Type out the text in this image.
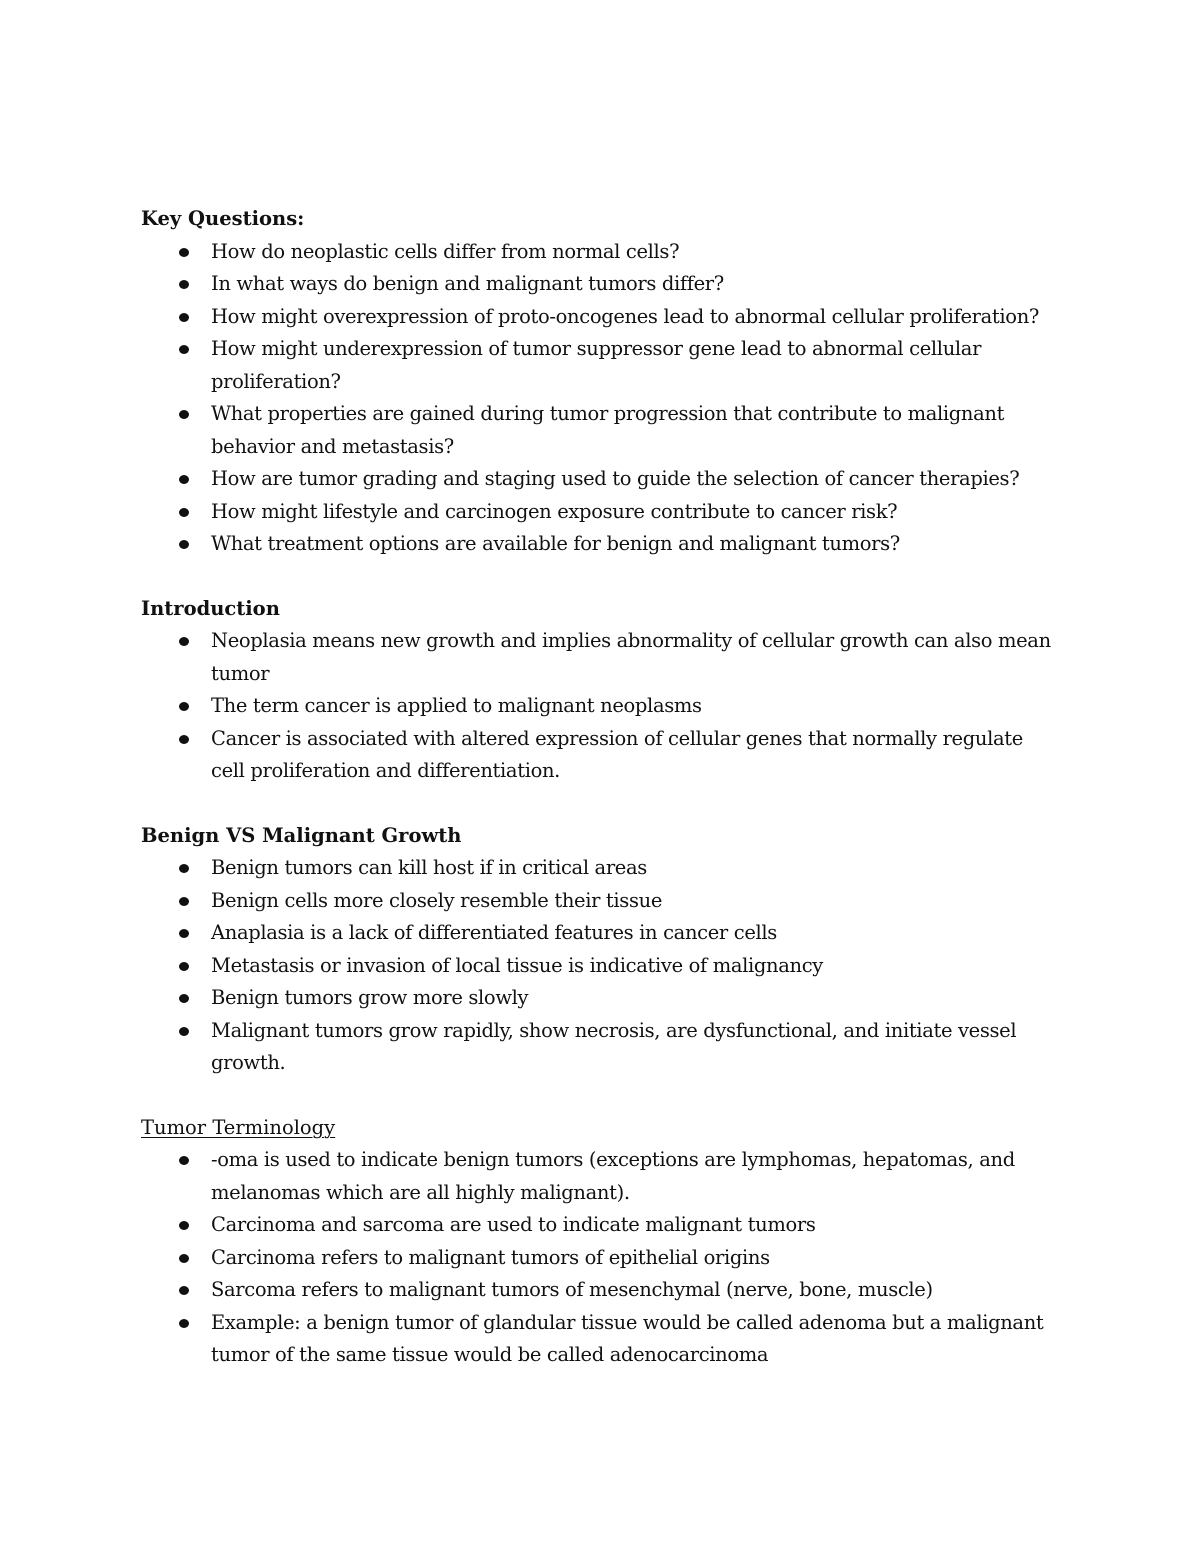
Key Questions:
How do neoplastic cells differ from normal cells?
In what ways do benign and malignant tumors differ?
How might overexpression of proto-oncogenes lead to abnormal cellular proliferation?
How might underexpression of tumor suppressor gene lead to abnormal cellular proliferation?
What properties are gained during tumor progression that contribute to malignant behavior and metastasis?
How are tumor grading and staging used to guide the selection of cancer therapies?
How might lifestyle and carcinogen exposure contribute to cancer risk?
What treatment options are available for benign and malignant tumors?
Introduction
Neoplasia means new growth and implies abnormality of cellular growth can also mean tumor
The term cancer is applied to malignant neoplasms
Cancer is associated with altered expression of cellular genes that normally regulate cell proliferation and differentiation.
Benign VS Malignant Growth
Benign tumors can kill host if in critical areas
Benign cells more closely resemble their tissue
Anaplasia is a lack of differentiated features in cancer cells
Metastasis or invasion of local tissue is indicative of malignancy
Benign tumors grow more slowly
Malignant tumors grow rapidly, show necrosis, are dysfunctional, and initiate vessel growth.
Tumor Terminology
-oma is used to indicate benign tumors (exceptions are lymphomas, hepatomas, and melanomas which are all highly malignant).
Carcinoma and sarcoma are used to indicate malignant tumors
Carcinoma refers to malignant tumors of epithelial origins
Sarcoma refers to malignant tumors of mesenchymal (nerve, bone, muscle)
Example: a benign tumor of glandular tissue would be called adenoma but a malignant tumor of the same tissue would be called adenocarcinoma
